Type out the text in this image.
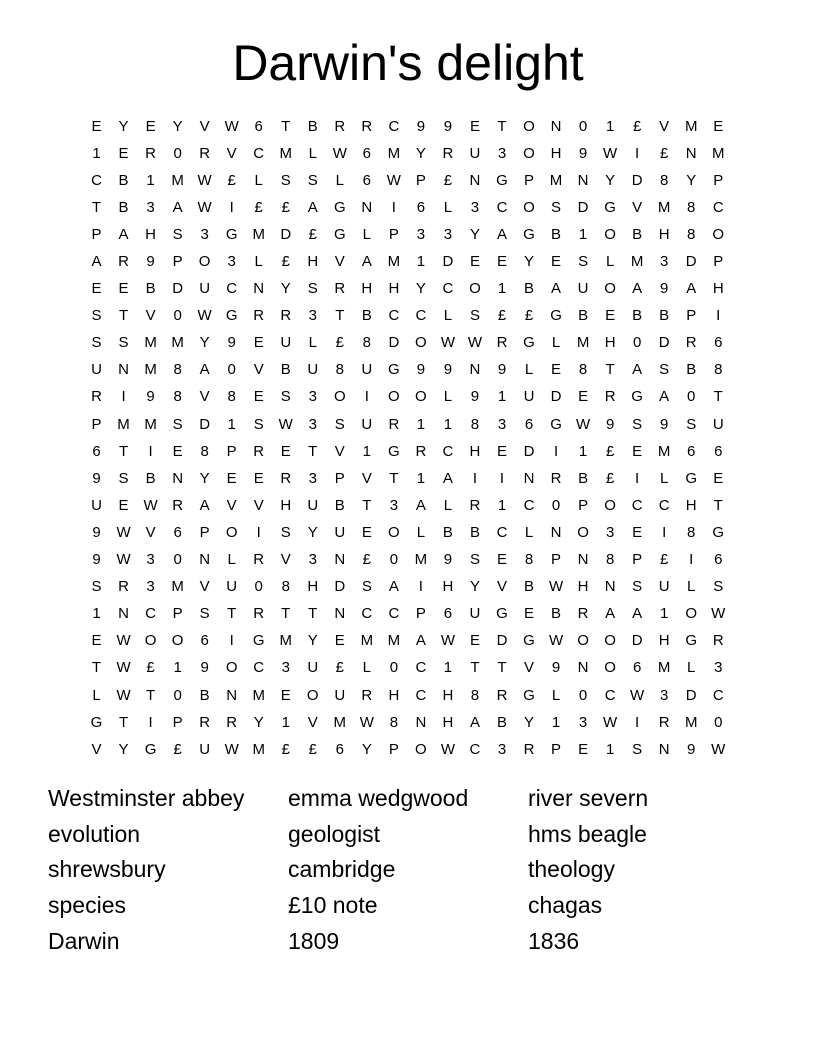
Darwin's delight
E	Y	E	Y	V W	6	T	B	R	R	C	9	9	E	T	O	N	0	1	£	V	M	E
1	E	R	0	R	V	C	M	L	W	6	M	Y	R	U	3	O	H	9	W	I	£	N	M
C	B	1	M W	£	L	S	S	L	6	W P	£	N	G	P	M	N	Y	D	8	Y	P
T	B	3	A W	I	£	£	A	G	N	I	6	L	3	C	O	S	D	G	V	M	8	C
P	A	H	S	3	G M	D	£	G	L	P	3	3	Y	A	G	B	1	O	B	H	8	O
A	R	9	P	O	3	L	£	H	V	A	M	1	D	E	E	Y	E	S	L	M	3	D	P
E	E	B	D	U	C	N	Y	S	R	H	H	Y	C	O	1	B	A	U	O	A	9	A	H
S	T	V	0	W G	R	R	3	T	B	C	C	L	S	£	£	G	B	E	B	B	P	I
S	S	M M	Y	9	E	U	L	£	8	D	O W W R	G	L	M	H	0	D	R	6
U	N	M	8	A	0	V	B	U	8	U	G	9	9	N	9	L	E	8	T	A	S	B	8
R	I	9	8	V	8	E	S	3	O	I	O	O	L	9	1	U	D	E	R	G	A	0	T
P	M M	S	D	1	S W	3	S	U	R	1	1	8	3	6	G W	9	S	9	S	U
6	T	I	E	8	P	R	E	T	V	1	G	R	C	H	E	D	I	1	£	E	M	6	6
9	S	B	N	Y	E	E	R	3	P	V	T	1	A	I	I	N	R	B	£	I	L	G	E
U	E W R	A	V	V	H	U	B	T	3	A	L	R	1	C	0	P	O	C	C	H	T
9	W V	6	P	O	I	S	Y	U	E	O	L	B	B	C	L	N	O	3	E	I	8	G
9	W	3	0	N	L	R	V	3	N	£	0	M	9	S	E	8	P	N	8	P	£	I	6
S	R	3	M	V	U	0	8	H	D	S	A	I	H	Y	V	B W H	N	S	U	L	S
1	N	C	P	S	T	R	T	T	N	C	C	P	6	U	G	E	B	R	A	A	1	O W
E W O	O	6	I	G M	Y	E	M M	A W E	D	G W O	O	D	H	G	R
T	W	£	1	9	O	C	3	U	£	L	0	C	1	T	T	V	9	N	O	6	M	L	3
L	W	T	0	B	N	M	E	O	U	R	H	C	H	8	R	G	L	0	C W	3	D	C
G	T	I	P	R	R	Y	1	V	M W	8	N	H	A	B	Y	1	3	W	I	R	M	0
V	Y	G	£	U W M	£	£	6	Y	P	O W C	3	R	P	E	1	S	N	9	W
Westminster abbey	emma wedgwood	river severn
evolution	geologist	hms beagle
shrewsbury	cambridge	theology
species	£10 note	chagas
Darwin	1809	1836
